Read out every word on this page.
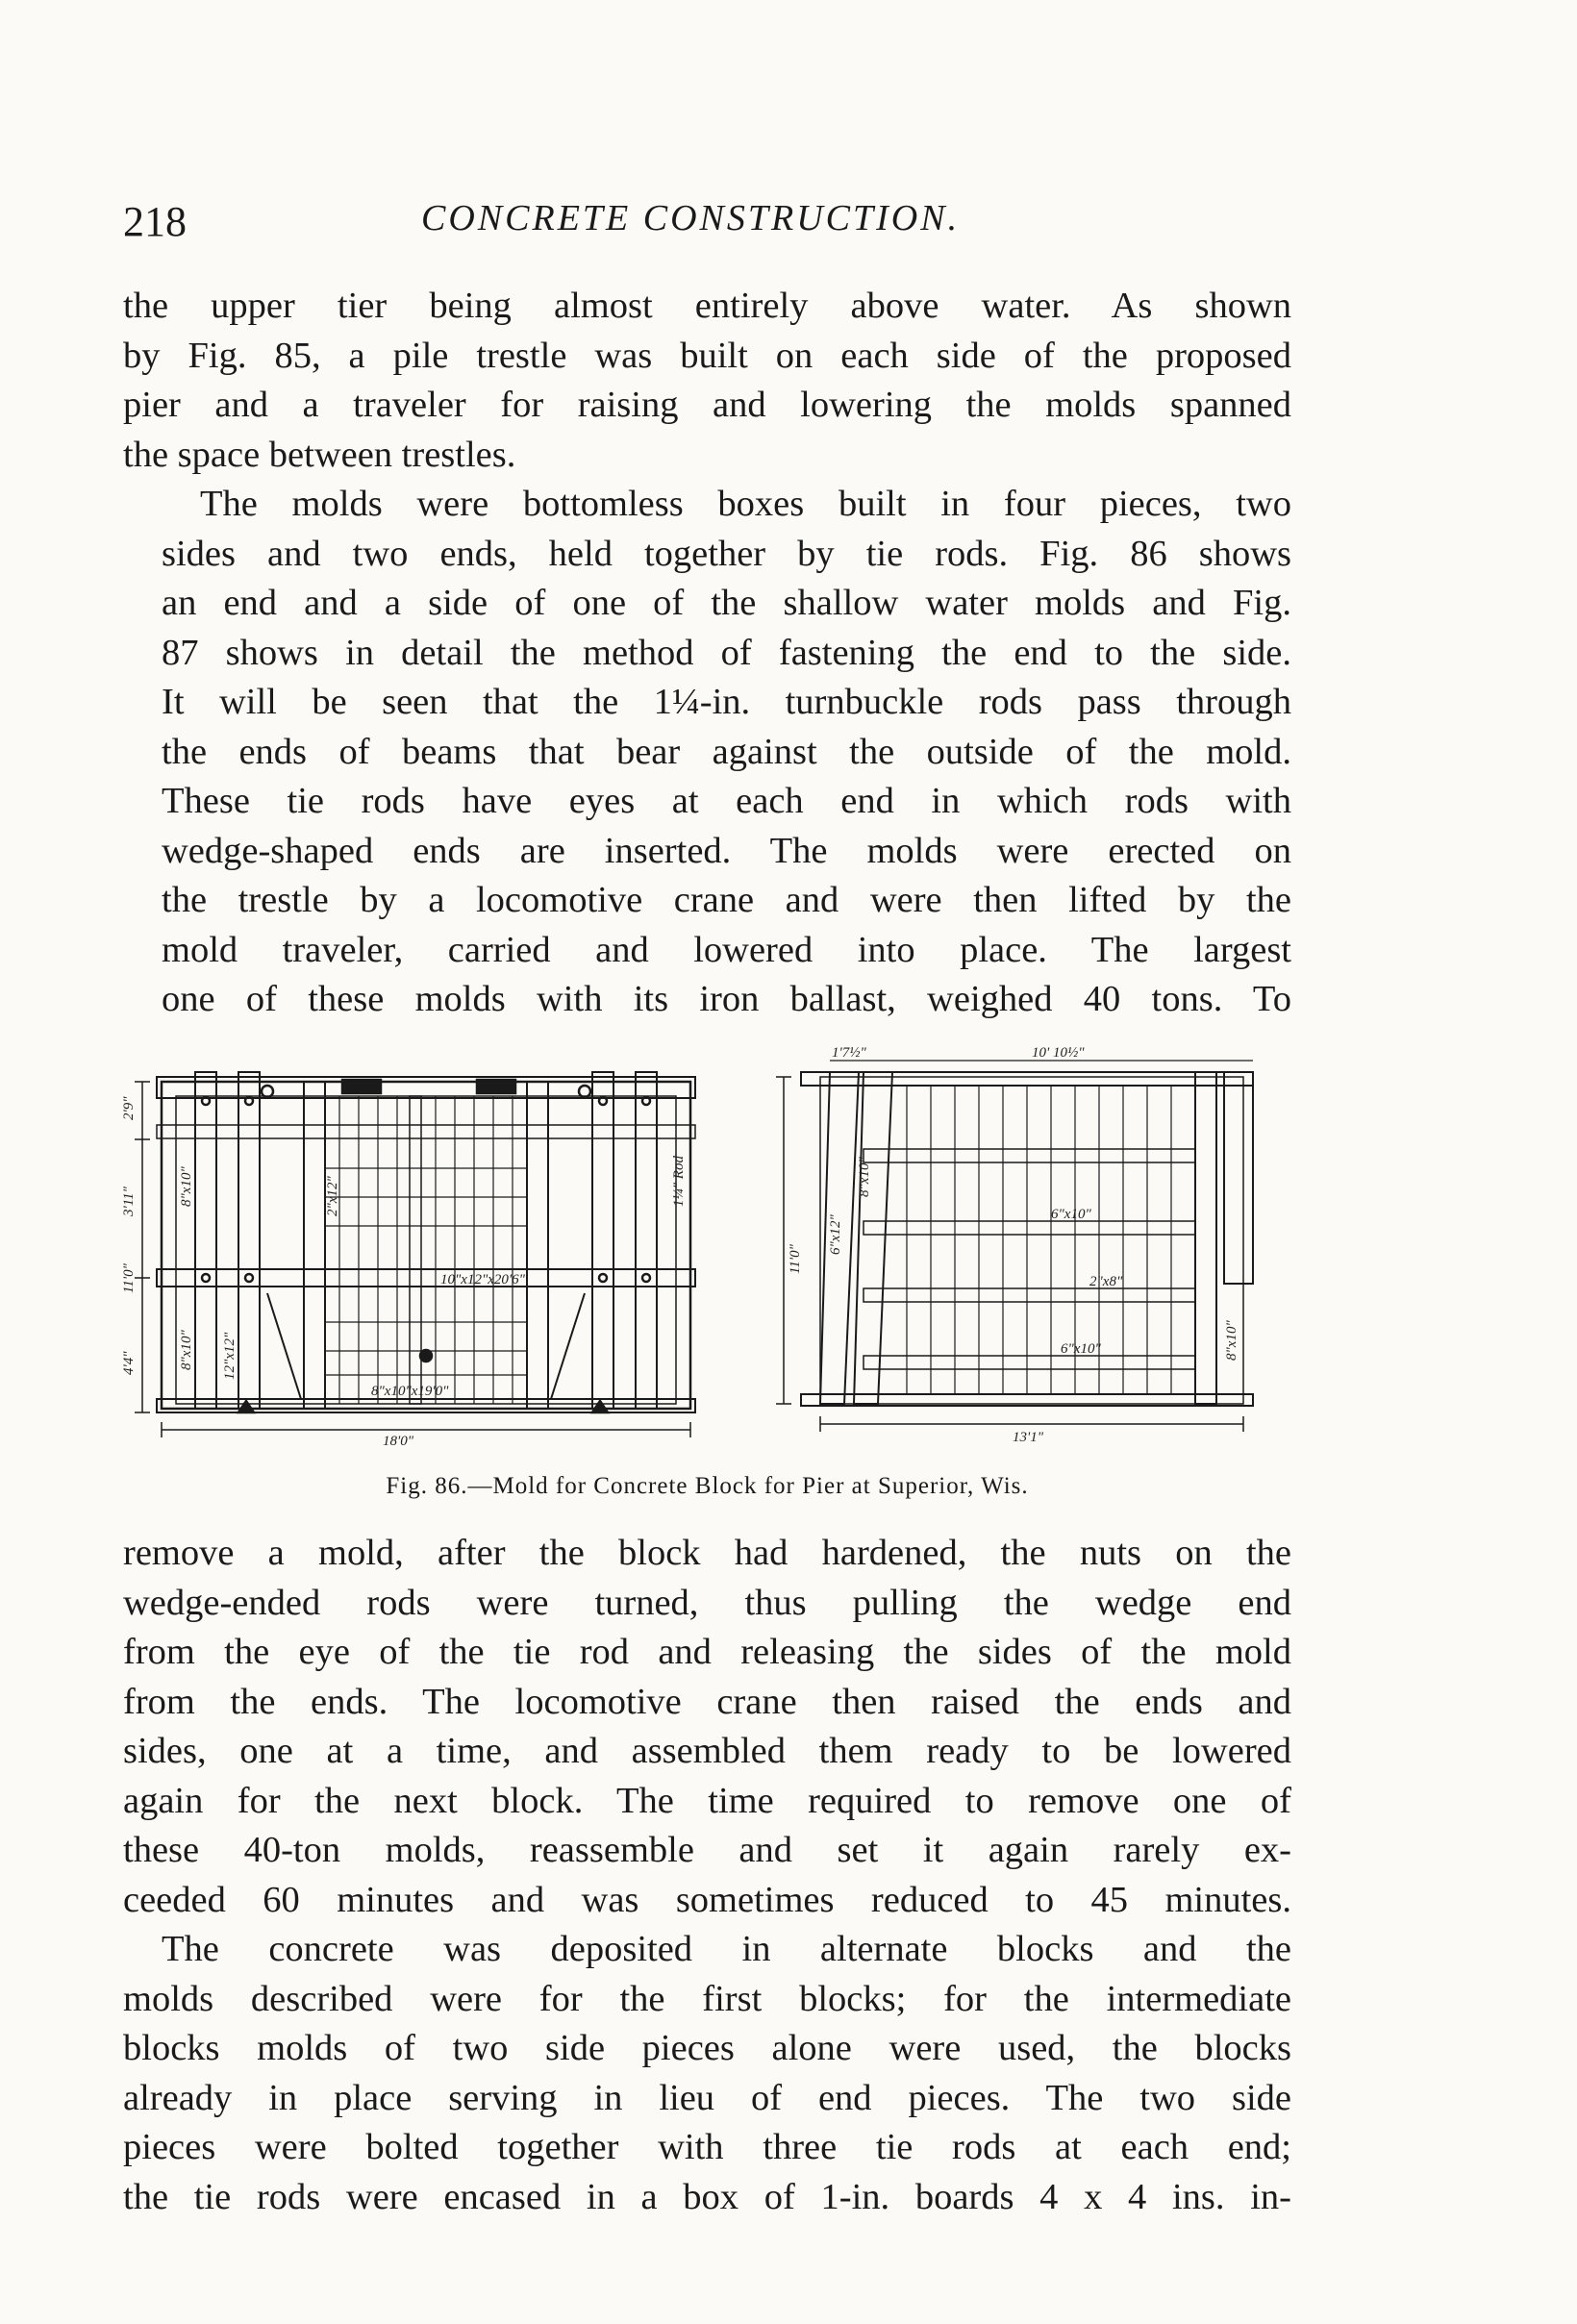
218	CONCRETE CONSTRUCTION.

the upper tier being almost entirely above water. As shown
by Fig. 85, a pile trestle was built on each side of the proposed
pier and a traveler for raising and lowering the molds spanned
the space between trestles.

The molds were bottomless boxes built in four pieces, two
sides and two ends, held together by tie rods. Fig. 86 shows
an end and a side of one of the shallow water molds and Fig.
87 shows in detail the method of fastening the end to the side.
It will be seen that the 1¼-in. turnbuckle rods pass through
the ends of beams that bear against the outside of the mold.
These tie rods have eyes at each end in which rods with
wedge-shaped ends are inserted. The molds were erected on
the trestle by a locomotive crane and were then lifted by the
mold traveler, carried and lowered into place. The largest
one of these molds with its iron ballast, weighed 40 tons. To

2'9"
3'11"
11'0"
4'4"
8"x10"
8"x10"
2"x12"
10"x12"x20'6"
8"x10"x19'0"
12"x12"
1¼" Rod
18'0"
1'7½"	10' 10½"
11'0"
6"x12"
8"x10"
6"x10"
2"x8"
6"x10"	8"x10"
13'1"
Fig. 86.—Mold for Concrete Block for Pier at Superior, Wis.

remove a mold, after the block had hardened, the nuts on the
wedge-ended rods were turned, thus pulling the wedge end
from the eye of the tie rod and releasing the sides of the mold
from the ends. The locomotive crane then raised the ends and
sides, one at a time, and assembled them ready to be lowered
again for the next block. The time required to remove one of
these 40-ton molds, reassemble and set it again rarely ex-
ceeded 60 minutes and was sometimes reduced to 45 minutes.

The concrete was deposited in alternate blocks and the
molds described were for the first blocks; for the intermediate
blocks molds of two side pieces alone were used, the blocks
already in place serving in lieu of end pieces. The two side
pieces were bolted together with three tie rods at each end;
the tie rods were encased in a box of 1-in. boards 4 x 4 ins. in-
